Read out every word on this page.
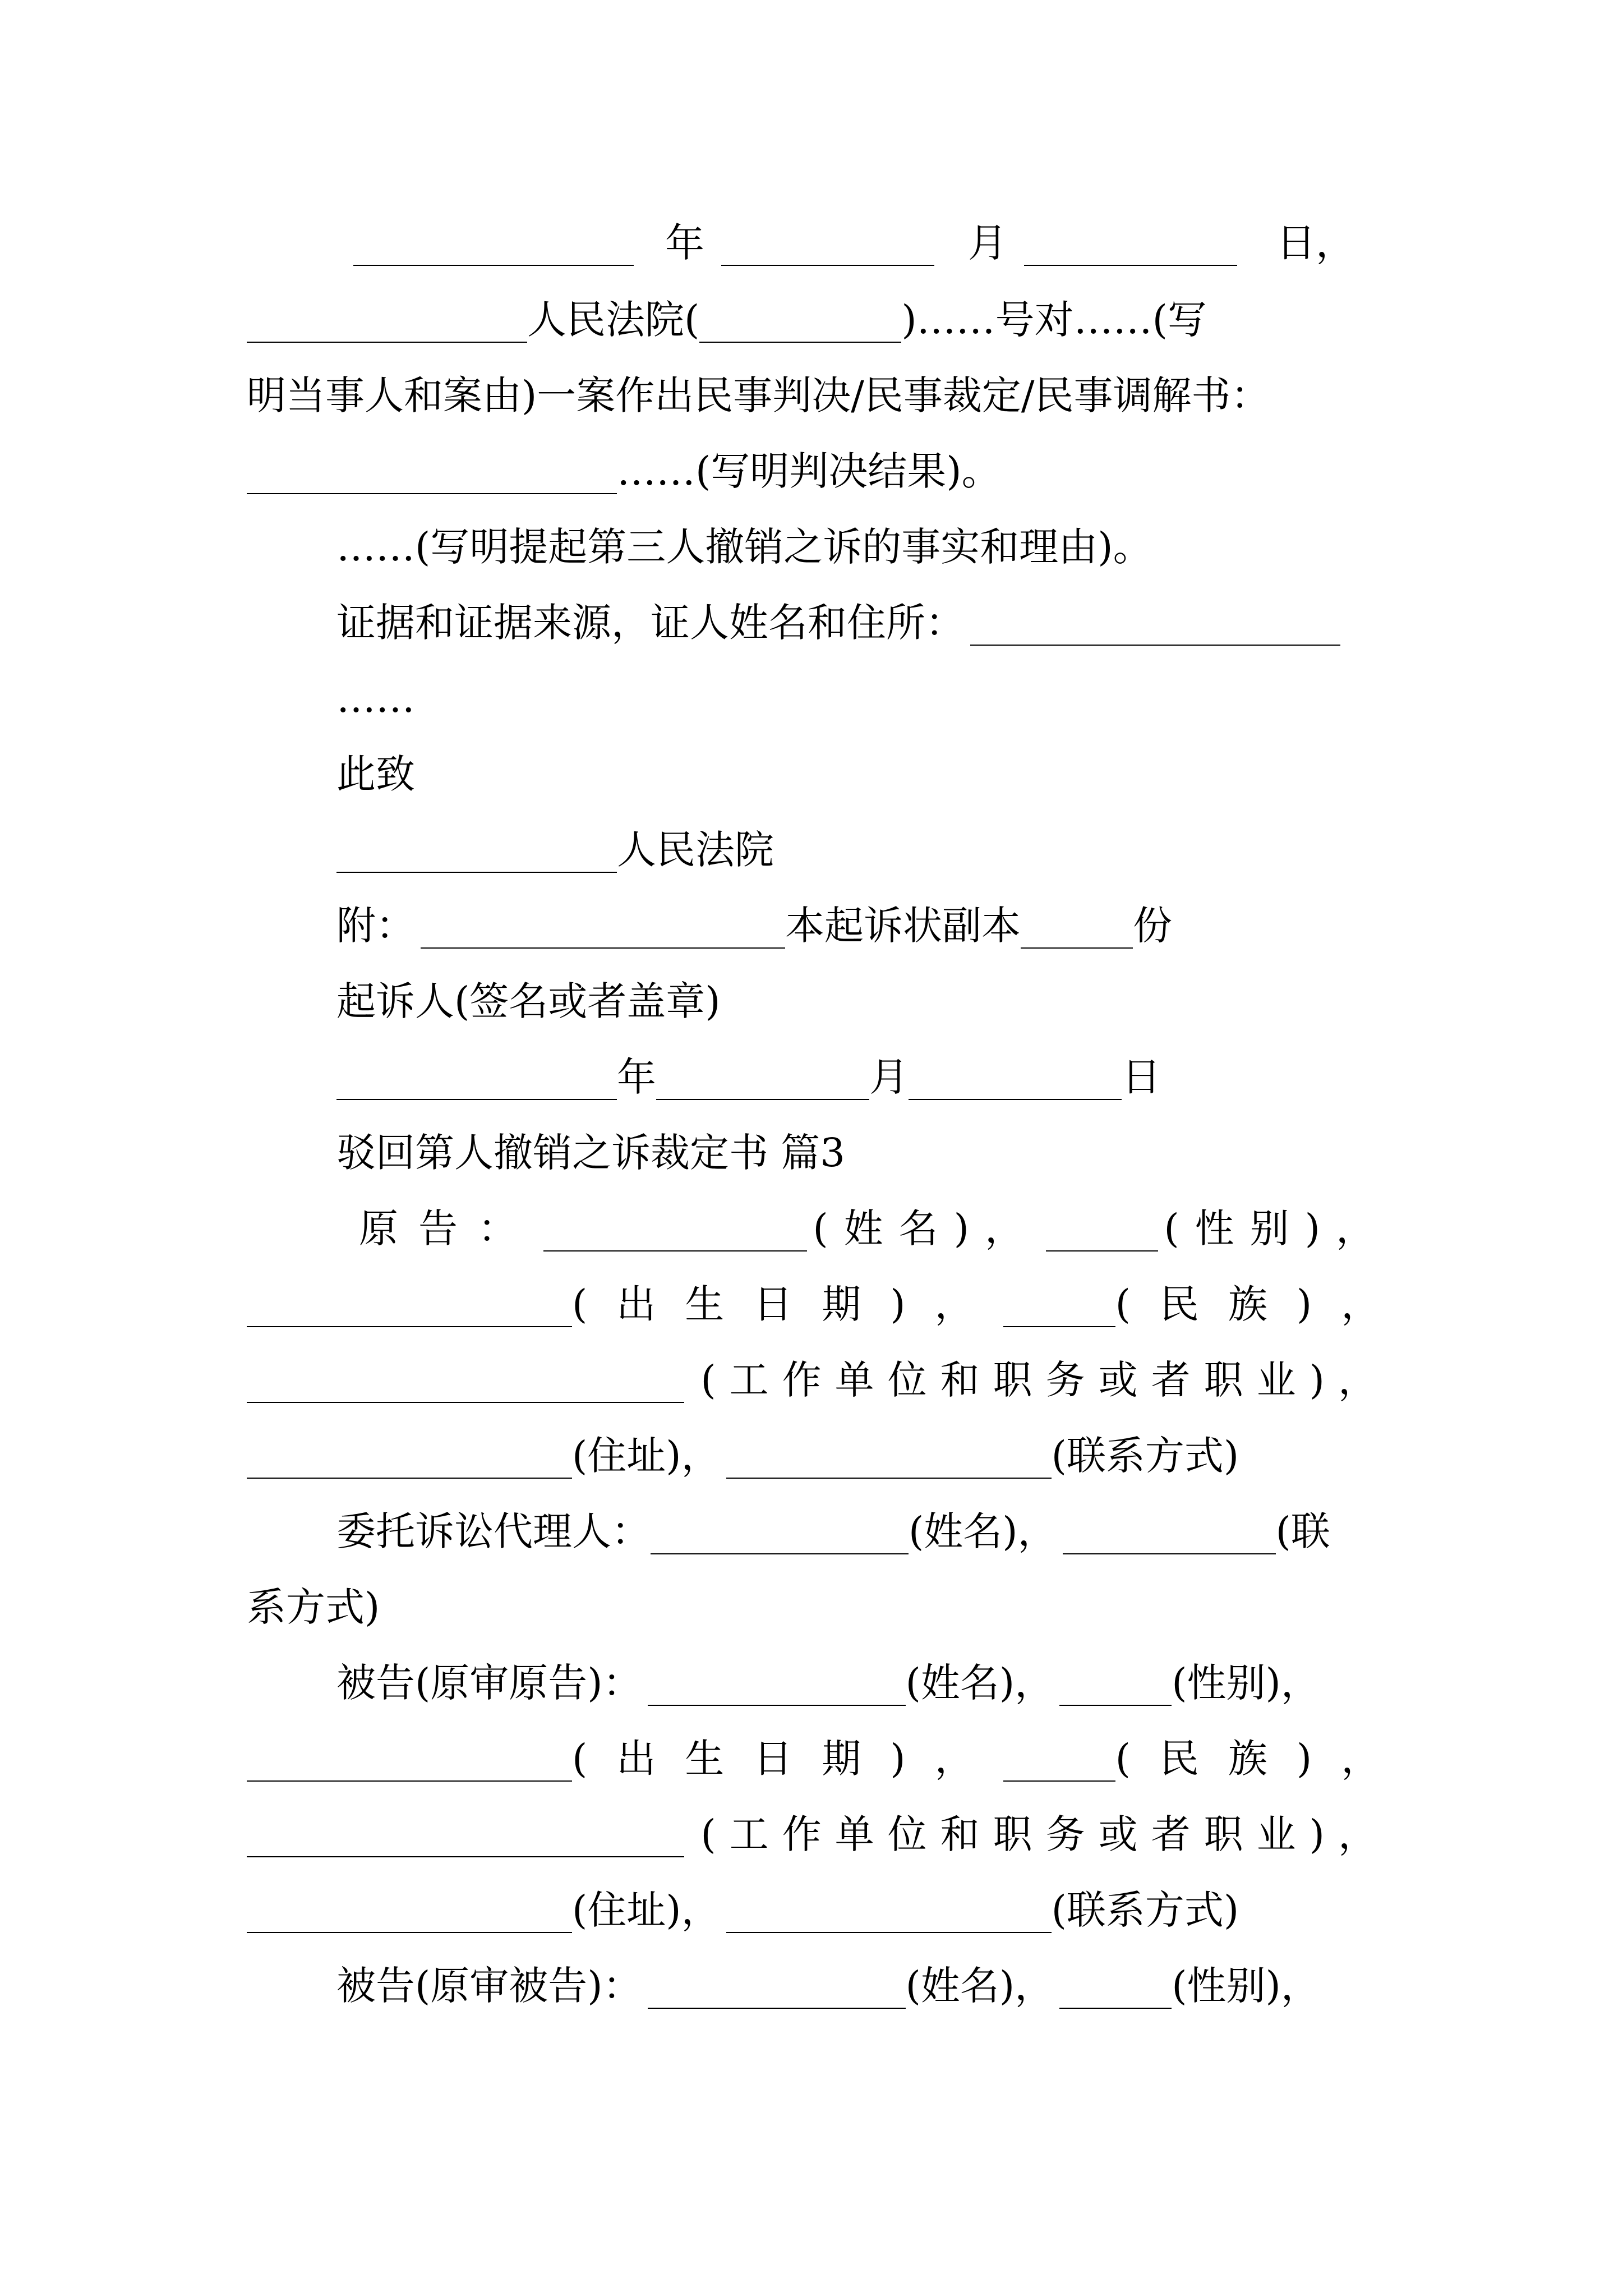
年	月	日 ，
人民法院(	)……号对……(写
明当事人和案由)一案作出民事判决/民事裁定/民事调解书：
……(写明判决结果)。
……(写明提起第三人撤销之诉的事实和理由)。
证据和证据来源，证人姓名和住所：
……
此致
人民法院
附：	本起诉状副本	份
起诉人(签名或者盖章)
年	月	日
驳回第人撤销之诉裁定书 篇3
原告：	(姓名)，	(性别)，
(出生日期)，	(民族)，
(工作单位和职务或者职业)，
(住址)，	(联系方式)
委托诉讼代理人：	(姓名)，	(联
系方式)
被告(原审原告)：	(姓名)，	(性别)，
(出生日期)，	(民族)，
(工作单位和职务或者职业)，
(住址)，	(联系方式)
被告(原审被告)：	(姓名)，	(性别)，
